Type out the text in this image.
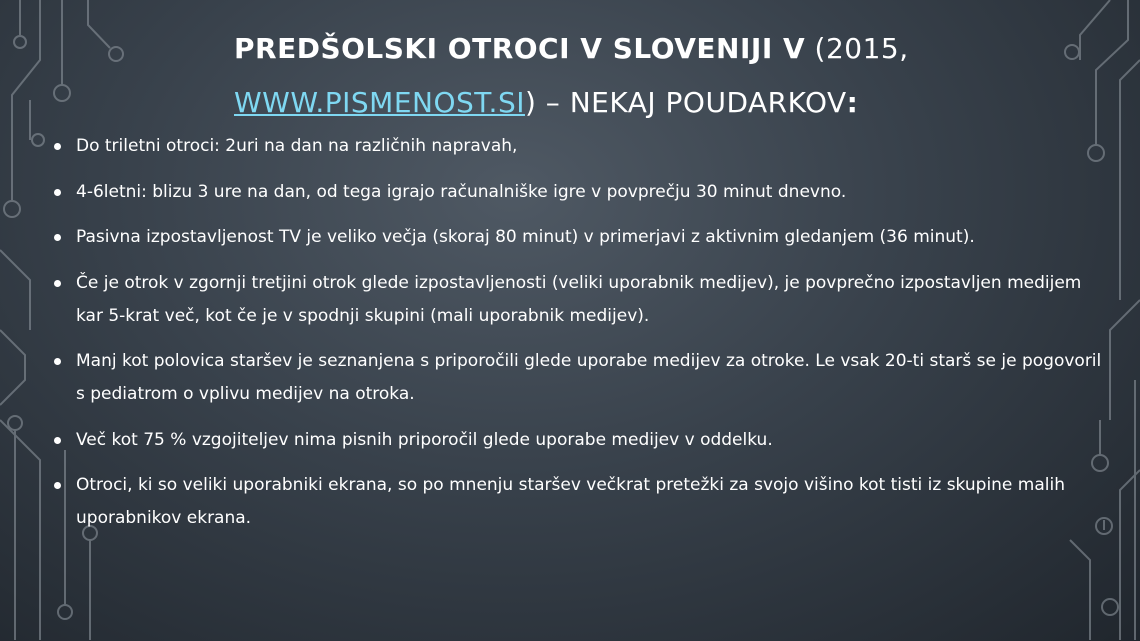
PREDŠOLSKI OTROCI V SLOVENIJI V (2015,
WWW.PISMENOST.SI) – NEKAJ POUDARKOV:
Do triletni otroci: 2uri na dan na različnih napravah,
4-6letni: blizu 3 ure na dan, od tega igrajo računalniške igre v povprečju 30 minut dnevno.
Pasivna izpostavljenost TV je veliko večja (skoraj 80 minut) v primerjavi z aktivnim gledanjem (36 minut).
Če je otrok v zgornji tretjini otrok glede izpostavljenosti (veliki uporabnik medijev), je povprečno izpostavljen medijem kar 5-krat več, kot če je v spodnji skupini (mali uporabnik medijev).
Manj kot polovica staršev je seznanjena s priporočili glede uporabe medijev za otroke. Le vsak 20-ti starš se je pogovoril s pediatrom o vplivu medijev na otroka.
Več kot 75 % vzgojiteljev nima pisnih priporočil glede uporabe medijev v oddelku.
Otroci, ki so veliki uporabniki ekrana, so po mnenju staršev večkrat pretežki za svojo višino kot tisti iz skupine malih uporabnikov ekrana.
